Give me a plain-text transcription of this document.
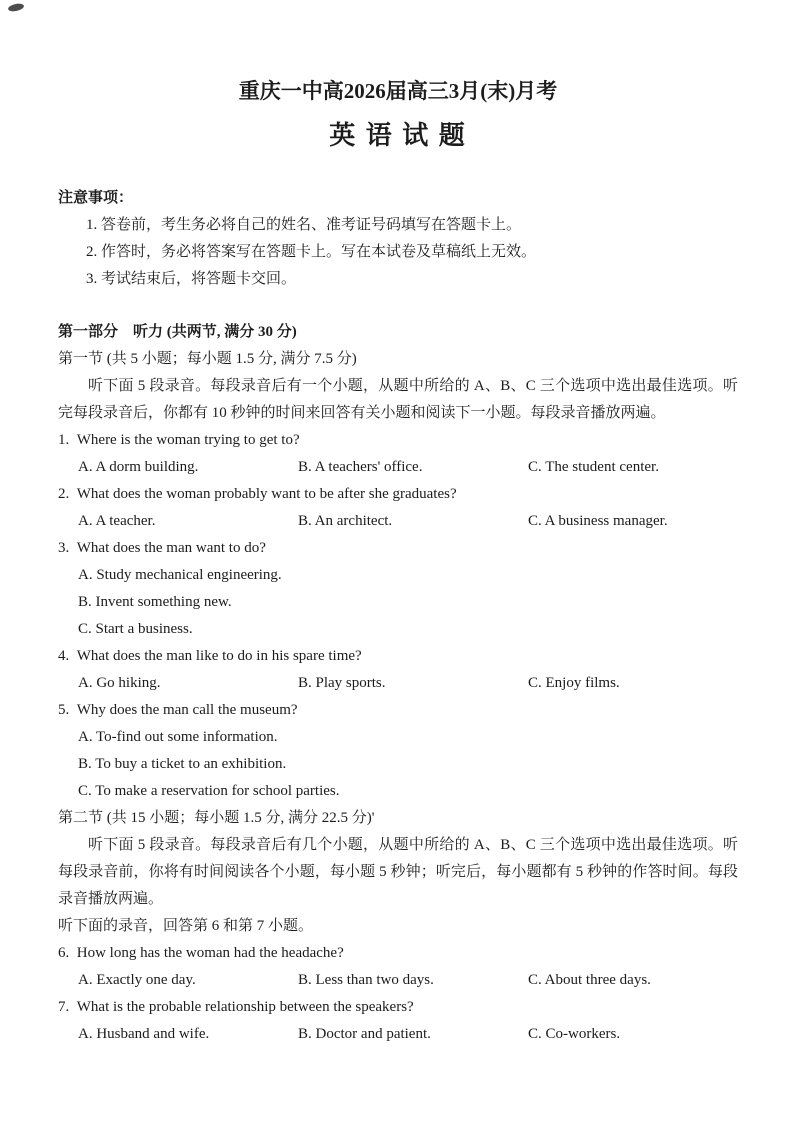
重庆一中高2026届高三3月(末)月考
英 语 试 题
注意事项：
1. 答卷前，考生务必将自己的姓名、准考证号码填写在答题卡上。
2. 作答时，务必将答案写在答题卡上。写在本试卷及草稿纸上无效。
3. 考试结束后，将答题卡交回。
第一部分　听力 (共两节, 满分 30 分)
第一节 (共 5 小题；每小题 1.5 分, 满分 7.5 分)
听下面 5 段录音。每段录音后有一个小题，从题中所给的 A、B、C 三个选项中选出最佳选项。听完每段录音后，你都有 10 秒钟的时间来回答有关小题和阅读下一小题。每段录音播放两遍。
1. Where is the woman trying to get to?
A. A dorm building.	B. A teachers' office.	C. The student center.
2. What does the woman probably want to be after she graduates?
A. A teacher.	B. An architect.	C. A business manager.
3. What does the man want to do?
A. Study mechanical engineering.
B. Invent something new.
C. Start a business.
4. What does the man like to do in his spare time?
A. Go hiking.	B. Play sports.	C. Enjoy films.
5. Why does the man call the museum?
A. To-find out some information.
B. To buy a ticket to an exhibition.
C. To make a reservation for school parties.
第二节 (共 15 小题；每小题 1.5 分, 满分 22.5 分)'
听下面 5 段录音。每段录音后有几个小题，从题中所给的 A、B、C 三个选项中选出最佳选项。听每段录音前，你将有时间阅读各个小题，每小题 5 秒钟；听完后，每小题都有 5 秒钟的作答时间。每段录音播放两遍。
听下面的录音，回答第 6 和第 7 小题。
6. How long has the woman had the headache?
A. Exactly one day.	B. Less than two days.	C. About three days.
7. What is the probable relationship between the speakers?
A. Husband and wife.	B. Doctor and patient.	C. Co-workers.
